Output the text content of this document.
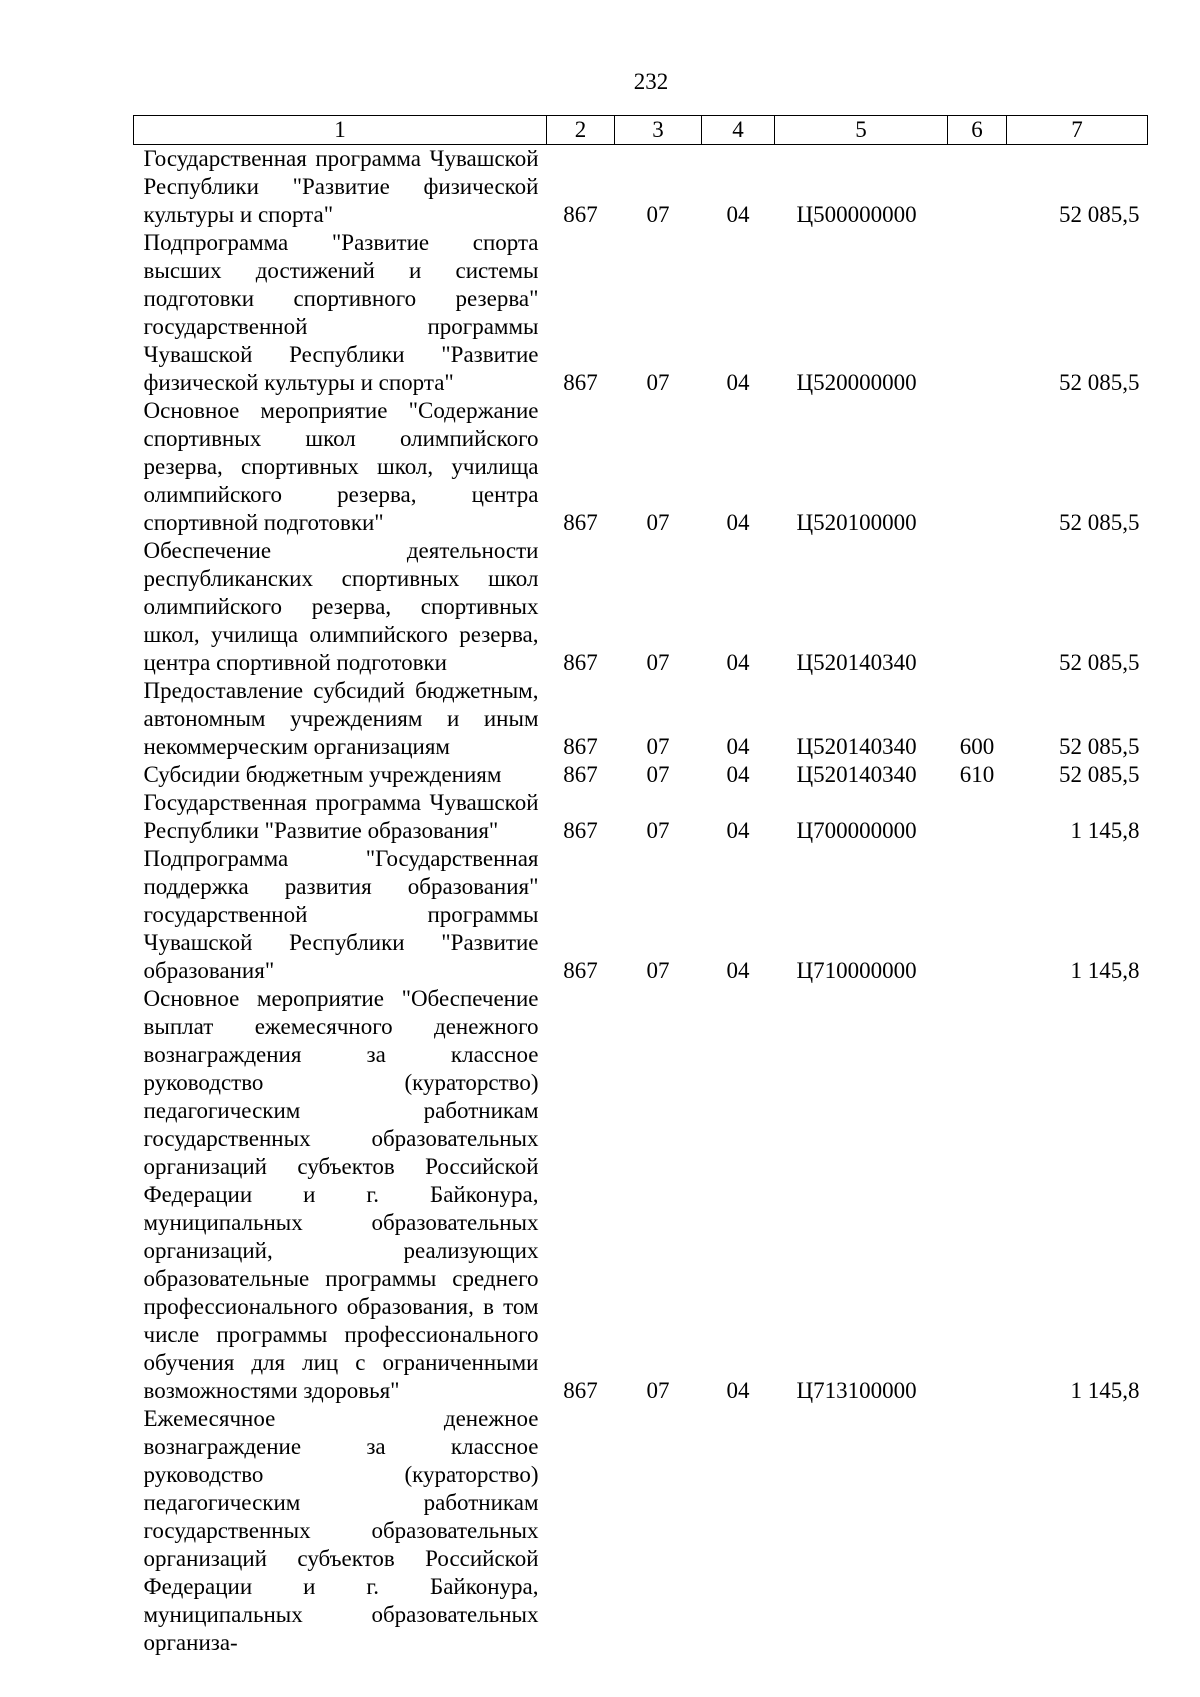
232
1	2	3	4	5	6	7
Государственная программа Чувашской Республики "Развитие физической культуры и спорта"	867	07	04	Ц500000000		52 085,5
Подпрограмма "Развитие спорта высших достижений и системы подготовки спортивного резерва" государственной программы Чувашской Республики "Развитие физической культуры и спорта"	867	07	04	Ц520000000		52 085,5
Основное мероприятие "Содержание спортивных школ олимпийского резерва, спортивных школ, училища олимпийского резерва, центра спортивной подготовки"	867	07	04	Ц520100000		52 085,5
Обеспечение деятельности республиканских спортивных школ олимпийского резерва, спортивных школ, училища олимпийского резерва, центра спортивной подготовки	867	07	04	Ц520140340		52 085,5
Предоставление субсидий бюджетным, автономным учреждениям и иным некоммерческим организациям	867	07	04	Ц520140340	600	52 085,5
Субсидии бюджетным учреждениям	867	07	04	Ц520140340	610	52 085,5
Государственная программа Чувашской Республики "Развитие образования"	867	07	04	Ц700000000		1 145,8
Подпрограмма "Государственная поддержка развития образования" государственной программы Чувашской Республики "Развитие образования"	867	07	04	Ц710000000		1 145,8
Основное мероприятие "Обеспечение выплат ежемесячного денежного вознаграждения за классное руководство (кураторство) педагогическим работникам государственных образовательных организаций субъектов Российской Федерации и г. Байконура, муниципальных образовательных организаций, реализующих образовательные программы среднего профессионального образования, в том числе программы профессионального обучения для лиц с ограниченными возможностями здоровья"	867	07	04	Ц713100000		1 145,8
Ежемесячное денежное вознаграждение за классное руководство (кураторство) педагогическим работникам государственных образовательных организаций субъектов Российской Федерации и г. Байконура, муниципальных образовательных организа-						
